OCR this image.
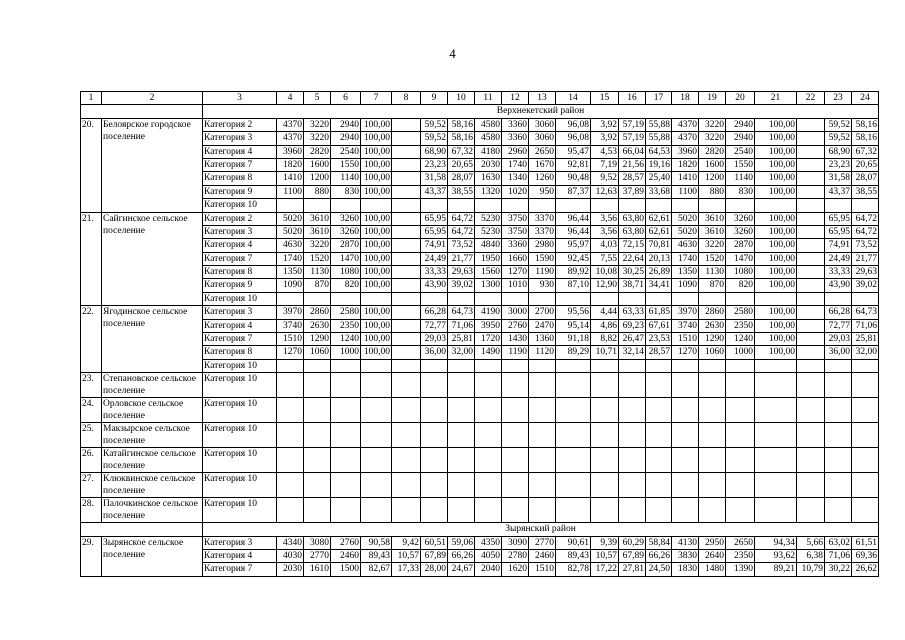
4
1	2	3	4	5	6	7	8	9	10	11	12	13	14	15	16	17	18	19	20	21	22	23	24
		Верхнекетский район																					
20.	Белоярское городское поселение	Категория 2	4370	3220	2940	100,00		59,52	58,16	4580	3360	3060	96,08	3,92	57,19	55,88	4370	3220	2940	100,00		59,52	58,16
		Категория 3	4370	3220	2940	100,00		59,52	58,16	4580	3360	3060	96,08	3,92	57,19	55,88	4370	3220	2940	100,00		59,52	58,16
		Категория 4	3960	2820	2540	100,00		68,90	67,32	4180	2960	2650	95,47	4,53	66,04	64,53	3960	2820	2540	100,00		68,90	67,32
		Категория 7	1820	1600	1550	100,00		23,23	20,65	2030	1740	1670	92,81	7,19	21,56	19,16	1820	1600	1550	100,00		23,23	20,65
		Категория 8	1410	1200	1140	100,00		31,58	28,07	1630	1340	1260	90,48	9,52	28,57	25,40	1410	1200	1140	100,00		31,58	28,07
		Категория 9	1100	880	830	100,00		43,37	38,55	1320	1020	950	87,37	12,63	37,89	33,68	1100	880	830	100,00		43,37	38,55
		Категория 10																					
21.	Сайгинское сельское поселение	Категория 2	5020	3610	3260	100,00		65,95	64,72	5230	3750	3370	96,44	3,56	63,80	62,61	5020	3610	3260	100,00		65,95	64,72
		Категория 3	5020	3610	3260	100,00		65,95	64,72	5230	3750	3370	96,44	3,56	63,80	62,61	5020	3610	3260	100,00		65,95	64,72
		Категория 4	4630	3220	2870	100,00		74,91	73,52	4840	3360	2980	95,97	4,03	72,15	70,81	4630	3220	2870	100,00		74,91	73,52
		Категория 7	1740	1520	1470	100,00		24,49	21,77	1950	1660	1590	92,45	7,55	22,64	20,13	1740	1520	1470	100,00		24,49	21,77
		Категория 8	1350	1130	1080	100,00		33,33	29,63	1560	1270	1190	89,92	10,08	30,25	26,89	1350	1130	1080	100,00		33,33	29,63
		Категория 9	1090	870	820	100,00		43,90	39,02	1300	1010	930	87,10	12,90	38,71	34,41	1090	870	820	100,00		43,90	39,02
		Категория 10																					
22.	Ягодинское сельское поселение	Категория 3	3970	2860	2580	100,00		66,28	64,73	4190	3000	2700	95,56	4,44	63,33	61,85	3970	2860	2580	100,00		66,28	64,73
		Категория 4	3740	2630	2350	100,00		72,77	71,06	3950	2760	2470	95,14	4,86	69,23	67,61	3740	2630	2350	100,00		72,77	71,06
		Категория 7	1510	1290	1240	100,00		29,03	25,81	1720	1430	1360	91,18	8,82	26,47	23,53	1510	1290	1240	100,00		29,03	25,81
		Категория 8	1270	1060	1000	100,00		36,00	32,00	1490	1190	1120	89,29	10,71	32,14	28,57	1270	1060	1000	100,00		36,00	32,00
		Категория 10																					
23.	Степановское сельское поселение	Категория 10																					
24.	Орловское сельское поселение	Категория 10																					
25.	Макзырское сельское поселение	Категория 10																					
26.	Катайгинское сельское поселение	Категория 10																					
27.	Клюквинское сельское поселение	Категория 10																					
28.	Палочкинское сельское поселение	Категория 10																					
		Зырянский район																					
29.	Зырянское сельское поселение	Категория 3	4340	3080	2760	90,58	9,42	60,51	59,06	4350	3090	2770	90,61	9,39	60,29	58,84	4130	2950	2650	94,34	5,66	63,02	61,51
		Категория 4	4030	2770	2460	89,43	10,57	67,89	66,26	4050	2780	2460	89,43	10,57	67,89	66,26	3830	2640	2350	93,62	6,38	71,06	69,36
		Категория 7	2030	1610	1500	82,67	17,33	28,00	24,67	2040	1620	1510	82,78	17,22	27,81	24,50	1830	1480	1390	89,21	10,79	30,22	26,62
